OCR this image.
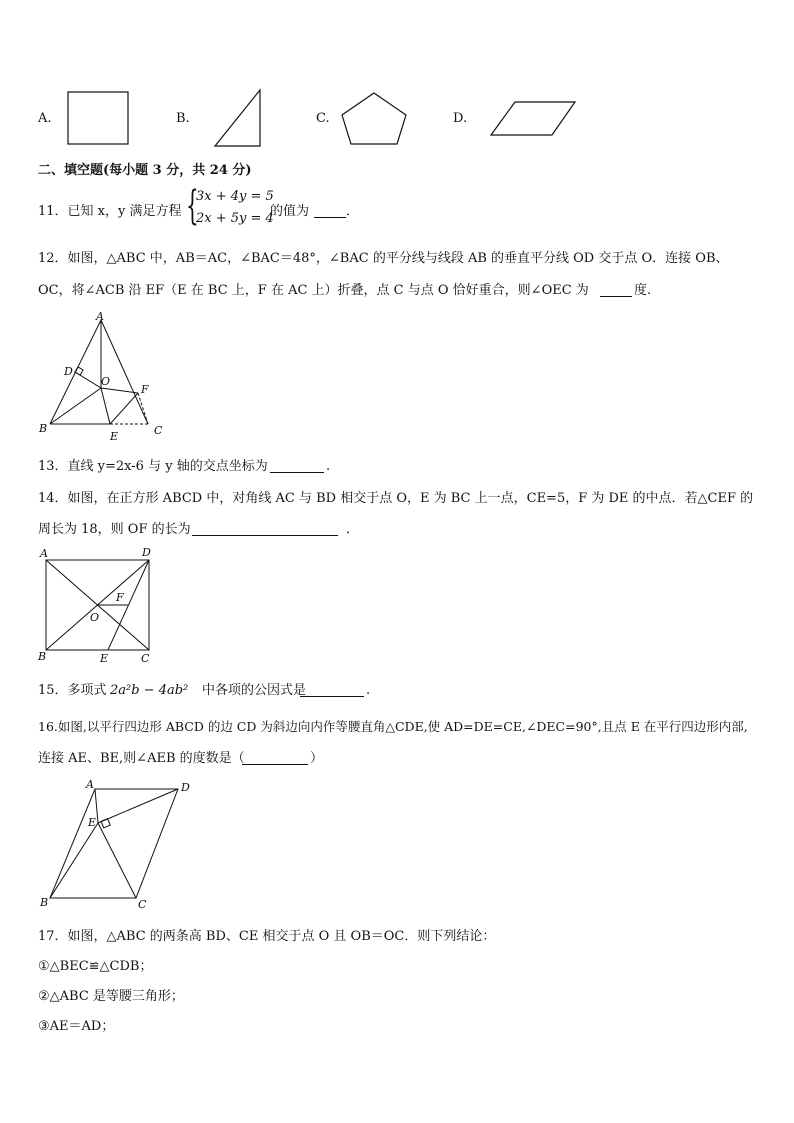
A.	B.	C.	D.
二、填空题(每小题 3 分，共 24 分)
11．已知 x，y 满足方程 {
3x + 4y = 5
2x + 5y = 4
的值为	．
12．如图，△ABC 中，AB＝AC，∠BAC＝48°，∠BAC 的平分线与线段 AB 的垂直平分线 OD 交于点 O．连接 OB、
OC，将∠ACB 沿 EF（E 在 BC 上，F 在 AC 上）折叠，点 C 与点 O 恰好重合，则∠OEC 为	度.
A
B	C
D
E
F
O
13．直线 y=2x-6 与 y 轴的交点坐标为	.
14．如图，在正方形 ABCD 中，对角线 AC 与 BD 相交于点 O，E 为 BC 上一点，CE=5，F 为 DE 的中点．若△CEF 的
周长为 18，则 OF 的长为	．
A	D
B	C
E
F
O
15．多项式 2a²b − 4ab² 中各项的公因式是	.
16.如图,以平行四边形 ABCD 的边 CD 为斜边向内作等腰直角△CDE,使 AD=DE=CE,∠DEC=90°,且点 E 在平行四边形内部,
连接 AE、BE,则∠AEB 的度数是（	）
A	D
E
B	C
17．如图，△ABC 的两条高 BD、CE 相交于点 O 且 OB＝OC．则下列结论：
①△BEC≌△CDB；
②△ABC 是等腰三角形；
③AE＝AD；
